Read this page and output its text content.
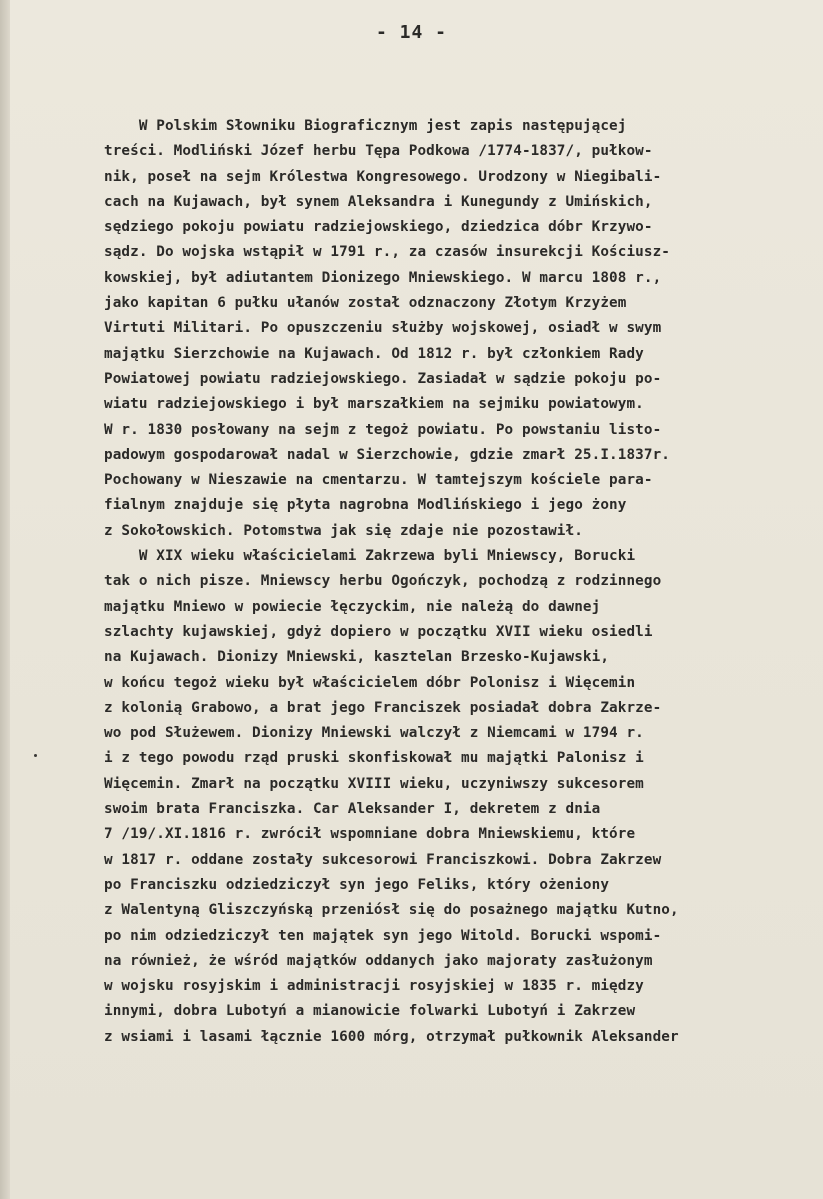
- 14 -
W Polskim Słowniku Biograficznym jest zapis następującej
treści. Modliński Józef herbu Tępa Podkowa /1774-1837/, pułkow-
nik, poseł na sejm Królestwa Kongresowego. Urodzony w Niegibali-
cach na Kujawach, był synem Aleksandra i Kunegundy z Umińskich,
sędziego pokoju powiatu radziejowskiego, dziedzica dóbr Krzywo-
sądz. Do wojska wstąpił w 1791 r., za czasów insurekcji Kościusz-
kowskiej, był adiutantem Dionizego Mniewskiego. W marcu 1808 r.,
jako kapitan 6 pułku ułanów został odznaczony Złotym Krzyżem
Virtuti Militari. Po opuszczeniu służby wojskowej, osiadł w swym
majątku Sierzchowie na Kujawach. Od 1812 r. był członkiem Rady
Powiatowej powiatu radziejowskiego. Zasiadał w sądzie pokoju po-
wiatu radziejowskiego i był marszałkiem na sejmiku powiatowym.
W r. 1830 posłowany na sejm z tegoż powiatu. Po powstaniu listo-
padowym gospodarował nadal w Sierzchowie, gdzie zmarł 25.I.1837r.
Pochowany w Nieszawie na cmentarzu. W tamtejszym kościele para-
fialnym znajduje się płyta nagrobna Modlińskiego i jego żony
z Sokołowskich. Potomstwa jak się zdaje nie pozostawił.
W XIX wieku właścicielami Zakrzewa byli Mniewscy, Borucki
tak o nich pisze. Mniewscy herbu Ogończyk, pochodzą z rodzinnego
majątku Mniewo w powiecie łęczyckim, nie należą do dawnej
szlachty kujawskiej, gdyż dopiero w początku XVII wieku osiedli
na Kujawach. Dionizy Mniewski, kasztelan Brzesko-Kujawski,
w końcu tegoż wieku był właścicielem dóbr Polonisz i Więcemin
z kolonią Grabowo, a brat jego Franciszek posiadał dobra Zakrze-
wo pod Służewem. Dionizy Mniewski walczył z Niemcami w 1794 r.
i z tego powodu rząd pruski skonfiskował mu majątki Palonisz i
Więcemin. Zmarł na początku XVIII wieku, uczyniwszy sukcesorem
swoim brata Franciszka. Car Aleksander I, dekretem z dnia
7 /19/.XI.1816 r. zwrócił wspomniane dobra Mniewskiemu, które
w 1817 r. oddane zostały sukcesorowi Franciszkowi. Dobra Zakrzew
po Franciszku odziedziczył syn jego Feliks, który ożeniony
z Walentyną Gliszczyńską przeniósł się do posażnego majątku Kutno,
po nim odziedziczył ten majątek syn jego Witold. Borucki wspomi-
na również, że wśród majątków oddanych jako majoraty zasłużonym
w wojsku rosyjskim i administracji rosyjskiej w 1835 r. między
innymi, dobra Lubotyń a mianowicie folwarki Lubotyń i Zakrzew
z wsiami i lasami łącznie 1600 mórg, otrzymał pułkownik Aleksander
